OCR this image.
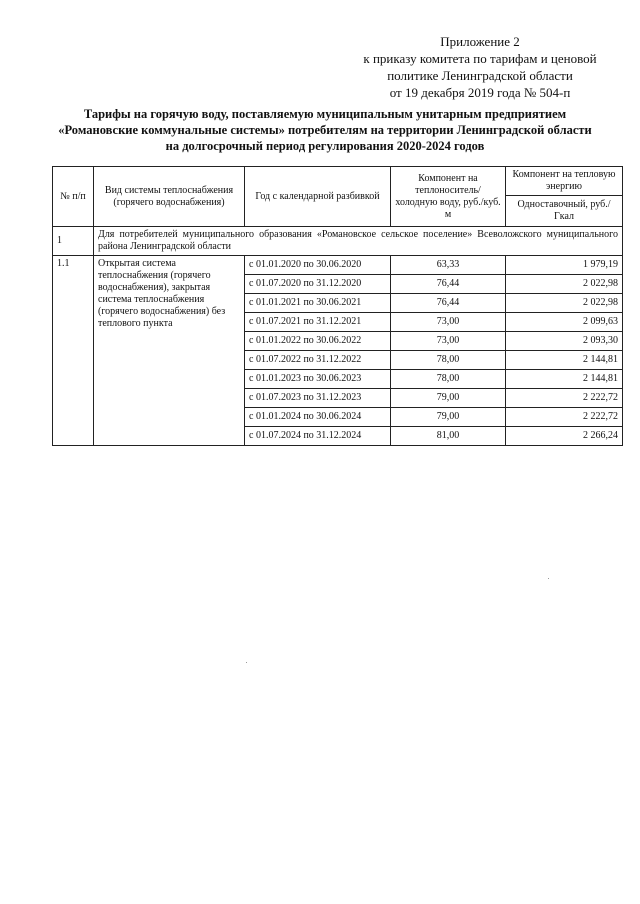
Приложение 2
к приказу комитета по тарифам и ценовой
политике Ленинградской области
от 19 декабря 2019 года № 504-п
Тарифы на горячую воду, поставляемую муниципальным унитарным предприятием
«Романовские коммунальные системы» потребителям на территории Ленинградской области
на долгосрочный период регулирования 2020-2024 годов
№ п/п	Вид системы теплоснабжения (горячего водоснабжения)	Год с календарной разбивкой	Компонент на теплоноситель/ холодную воду, руб./куб. м	Компонент на тепловую энергию
				Одноставочный, руб./Гкал
1	Для потребителей муниципального образования «Романовское сельское поселение» Всеволожского муниципального района Ленинградской области			
1.1	Открытая система теплоснабжения (горячего водоснабжения), закрытая система теплоснабжения (горячего водоснабжения) без теплового пункта	с 01.01.2020 по 30.06.2020	63,33	1 979,19
		с 01.07.2020 по 31.12.2020	76,44	2 022,98
		с 01.01.2021 по 30.06.2021	76,44	2 022,98
		с 01.07.2021 по 31.12.2021	73,00	2 099,63
		с 01.01.2022 по 30.06.2022	73,00	2 093,30
		с 01.07.2022 по 31.12.2022	78,00	2 144,81
		с 01.01.2023 по 30.06.2023	78,00	2 144,81
		с 01.07.2023 по 31.12.2023	79,00	2 222,72
		с 01.01.2024 по 30.06.2024	79,00	2 222,72
		с 01.07.2024 по 31.12.2024	81,00	2 266,24
